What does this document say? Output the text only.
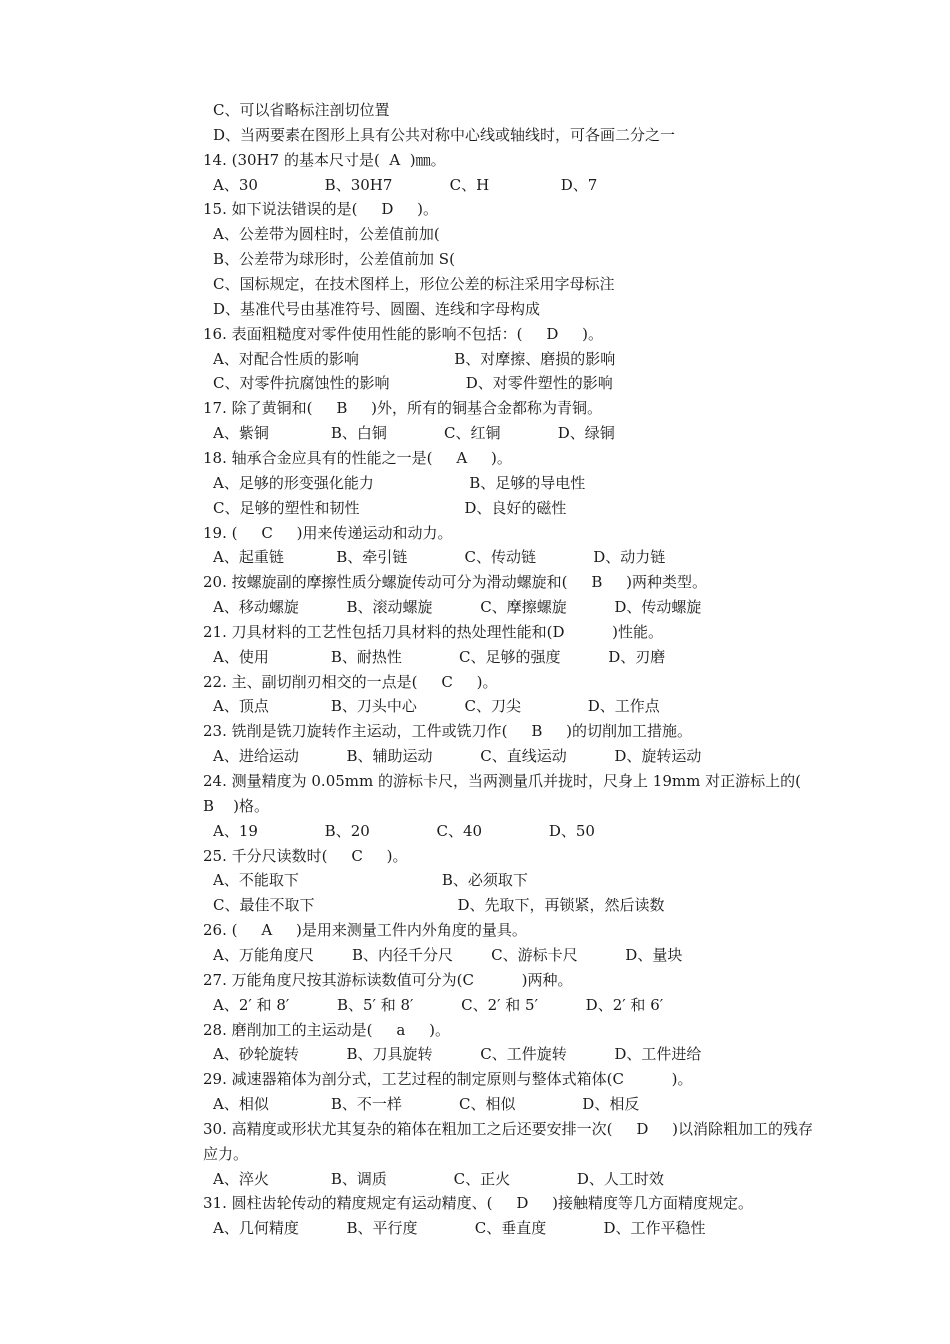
C、可以省略标注剖切位置
D、当两要素在图形上具有公共对称中心线或轴线时，可各画二分之一
14. (30H7 的基本尺寸是(  A  )㎜。
A、30              B、30H7            C、H               D、7
15. 如下说法错误的是(     D     )。
A、公差带为圆柱时，公差值前加(
B、公差带为球形时，公差值前加 S(
C、国标规定，在技术图样上，形位公差的标注采用字母标注
D、基准代号由基准符号、圆圈、连线和字母构成
16. 表面粗糙度对零件使用性能的影响不包括：(     D     )。
A、对配合性质的影响                    B、对摩擦、磨损的影响
C、对零件抗腐蚀性的影响                D、对零件塑性的影响
17. 除了黄铜和(     B     )外，所有的铜基合金都称为青铜。
A、紫铜             B、白铜            C、红铜            D、绿铜
18. 轴承合金应具有的性能之一是(     A     )。
A、足够的形变强化能力                    B、足够的导电性
C、足够的塑性和韧性                      D、良好的磁性
19. (     C     )用来传递运动和动力。
A、起重链           B、牵引链            C、传动链            D、动力链
20. 按螺旋副的摩擦性质分螺旋传动可分为滑动螺旋和(     B     )两种类型。
A、移动螺旋          B、滚动螺旋          C、摩擦螺旋          D、传动螺旋
21. 刀具材料的工艺性包括刀具材料的热处理性能和(D          )性能。
A、使用             B、耐热性            C、足够的强度          D、刃磨
22. 主、副切削刃相交的一点是(     C     )。
A、顶点             B、刀头中心          C、刀尖              D、工作点
23. 铣削是铣刀旋转作主运动，工件或铣刀作(     B     )的切削加工措施。
A、进给运动          B、辅助运动          C、直线运动          D、旋转运动
24. 测量精度为 0.05mm 的游标卡尺，当两测量爪并拢时，尺身上 19mm 对正游标上的(
B    )格。
A、19              B、20              C、40              D、50
25. 千分尺读数时(     C     )。
A、不能取下                              B、必须取下
C、最佳不取下                              D、先取下，再锁紧，然后读数
26. (     A     )是用来测量工件内外角度的量具。
A、万能角度尺        B、内径千分尺        C、游标卡尺          D、量块
27. 万能角度尺按其游标读数值可分为(C          )两种。
A、2′ 和 8′          B、5′ 和 8′          C、2′ 和 5′          D、2′ 和 6′
28. 磨削加工的主运动是(     a     )。
A、砂轮旋转          B、刀具旋转          C、工件旋转          D、工件进给
29. 减速器箱体为剖分式，工艺过程的制定原则与整体式箱体(C          )。
A、相似             B、不一样            C、相似              D、相反
30. 高精度或形状尤其复杂的箱体在粗加工之后还要安排一次(     D     )以消除粗加工的残存
应力。
A、淬火             B、调质              C、正火              D、人工时效
31. 圆柱齿轮传动的精度规定有运动精度、(     D     )接触精度等几方面精度规定。
A、几何精度          B、平行度            C、垂直度            D、工作平稳性
